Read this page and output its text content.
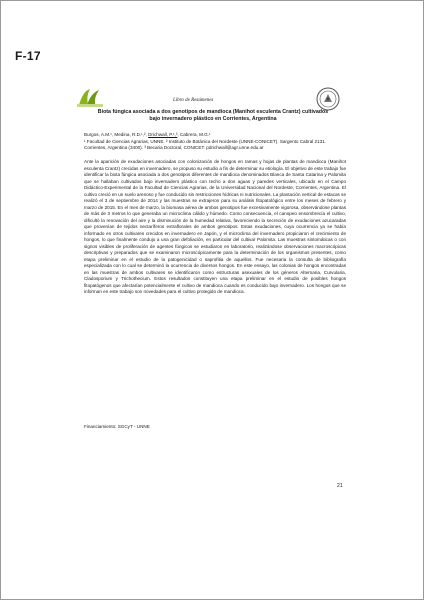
F-17
Libro de Resúmenes
Biota fúngica asociada a dos genotipos de mandioca (Manihot esculenta Crantz) cultivados bajo invernadero plástico en Corrientes, Argentina
Burgos, A.M.¹, Medina, R.D.¹,², Drichwall, P.¹,³, Cabrera, M.G.¹
¹ Facultad de Ciencias Agrarias, UNNE. ² Instituto de Botánica del Nordeste (UNNE-CONICET). Sargento Cabral 2131. Corrientes, Argentina (3400). ³ Becaria Doctoral, CONICET. pdrichwall@agr.unne.edu.ar
Ante la aparición de exudaciones asociadas con colonización de hongos en ramas y hojas de plantas de mandioca (Manihot esculenta Crantz) crecidas en invernadero, se propuso su estudio a fin de determinar su etiología. El objetivo de este trabajo fue identificar la biota fúngica asociada a dos genotipos diferentes de mandioca denominados Blanca de Santa Catarina y Palomita que se hallaban cultivados bajo invernadero plástico con techo a dos aguas y paredes verticales, ubicado en el Campo Didáctico-Experimental de la Facultad de Ciencias Agrarias, de la Universidad Nacional del Nordeste, Corrientes, Argentina. El cultivo creció en un suelo arenoso y fue conducido sin restricciones hídricas ni nutricionales. La plantación vertical de estacas se realizó el 3 de septiembre de 2014 y las muestras se extrajeron para su análisis fitopatológico entre los meses de febrero y marzo de 2015. En el mes de marzo, la biomasa aérea de ambos genotipos fue excesivamente vigorosa, observándose plantas de más de 3 metros lo que generaba un microclima cálido y húmedo. Como consecuencia, el canopeo ensombrecía el cultivo, dificultó la renovación del aire y la disminución de la humedad relativa, favoreciendo la secreción de exudaciones azucaradas que provenían de tejidos nectaríferos extraflorales de ambos genotipos. Estas exudaciones, cuya ocurrencia ya se había informado en otros cultivares crecidos en invernadero en Japón, y el microclima del invernadero propiciaron el crecimiento de hongos, lo que finalmente condujo a una gran defoliación, en particular del cultivar Palomita. Las muestras sintomáticas o con signos visibles de proliferación de agentes fúngicos se estudiaron en laboratorio, realizándose observaciones macroscópicas descriptivas y preparados que se examinaron microscópicamente para la determinación de los organismos presentes, como etapa preliminar en el estudio de la patogenicidad o saprofitia de aquellos. Fue necesaria la consulta de bibliografía especializada con lo cual se determinó la ocurrencia de diversos hongos. En este ensayo, las colonias de hongos encontradas en las muestras de ambos cultivares se identificaron como estructuras asexuales de los géneros Alternaria, Curvularia, Cladosporium y Trichothecium. Estos resultados constituyen una etapa preliminar en el estudio de posibles hongos fitopatógenos que afectarían potencialmente el cultivo de mandioca cuando es conducido bajo invernadero. Los hongos que se informan en este trabajo son novedades para el cultivo protegido de mandioca.
Financiamiento: SGCyT - UNNE
21
